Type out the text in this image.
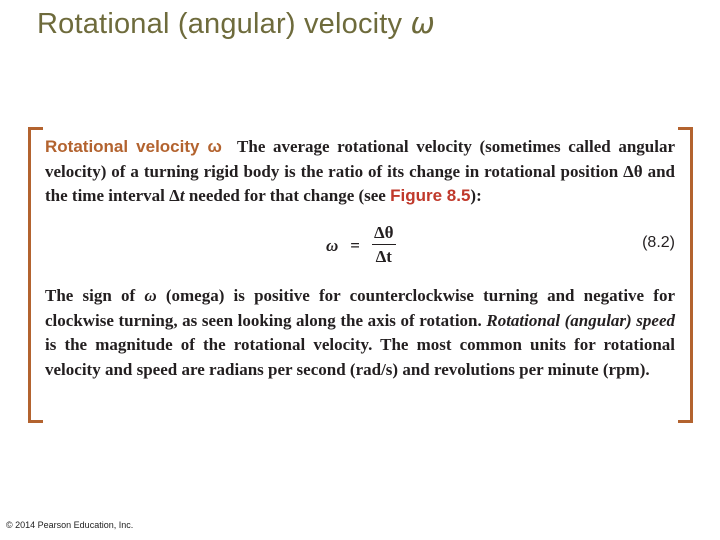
Rotational (angular) velocity ω
Rotational velocity ω The average rotational velocity (sometimes called angular velocity) of a turning rigid body is the ratio of its change in rotational position Δθ and the time interval Δt needed for that change (see Figure 8.5):
$\omega = \frac{\Delta\theta}{\Delta t}$	(8.2)
The sign of ω (omega) is positive for counterclockwise turning and negative for clockwise turning, as seen looking along the axis of rotation. Rotational (angular) speed is the magnitude of the rotational velocity. The most common units for rotational velocity and speed are radians per second (rad/s) and revolutions per minute (rpm).
© 2014 Pearson Education, Inc.
